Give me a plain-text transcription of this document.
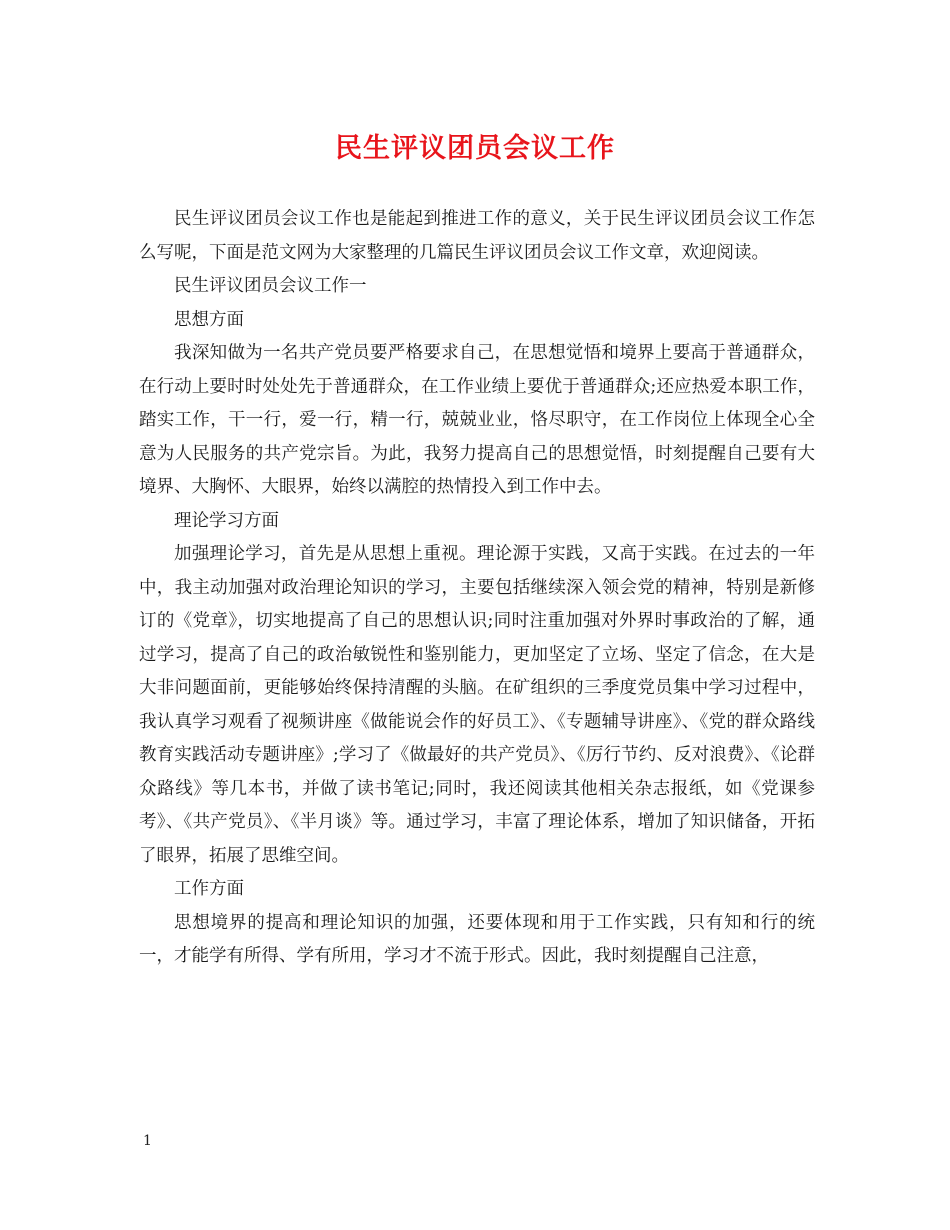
民生评议团员会议工作

民生评议团员会议工作也是能起到推进工作的意义，关于民生评议团员会议工作怎么写呢，下面是范文网为大家整理的几篇民生评议团员会议工作文章，欢迎阅读。

民生评议团员会议工作一

思想方面

我深知做为一名共产党员要严格要求自己，在思想觉悟和境界上要高于普通群众，在行动上要时时处处先于普通群众，在工作业绩上要优于普通群众;还应热爱本职工作，踏实工作，干一行，爱一行，精一行，兢兢业业，恪尽职守，在工作岗位上体现全心全意为人民服务的共产党宗旨。为此，我努力提高自己的思想觉悟，时刻提醒自己要有大境界、大胸怀、大眼界，始终以满腔的热情投入到工作中去。

理论学习方面

加强理论学习，首先是从思想上重视。理论源于实践，又高于实践。在过去的一年中，我主动加强对政治理论知识的学习，主要包括继续深入领会党的精神，特别是新修订的《党章》，切实地提高了自己的思想认识;同时注重加强对外界时事政治的了解，通过学习，提高了自己的政治敏锐性和鉴别能力，更加坚定了立场、坚定了信念，在大是大非问题面前，更能够始终保持清醒的头脑。在矿组织的三季度党员集中学习过程中，我认真学习观看了视频讲座《做能说会作的好员工》、《专题辅导讲座》、《党的群众路线教育实践活动专题讲座》;学习了《做最好的共产党员》、《厉行节约、反对浪费》、《论群众路线》等几本书，并做了读书笔记;同时，我还阅读其他相关杂志报纸，如《党课参考》、《共产党员》、《半月谈》等。通过学习，丰富了理论体系，增加了知识储备，开拓了眼界，拓展了思维空间。

工作方面

思想境界的提高和理论知识的加强，还要体现和用于工作实践，只有知和行的统一，才能学有所得、学有所用，学习才不流于形式。因此，我时刻提醒自己注意，

1
